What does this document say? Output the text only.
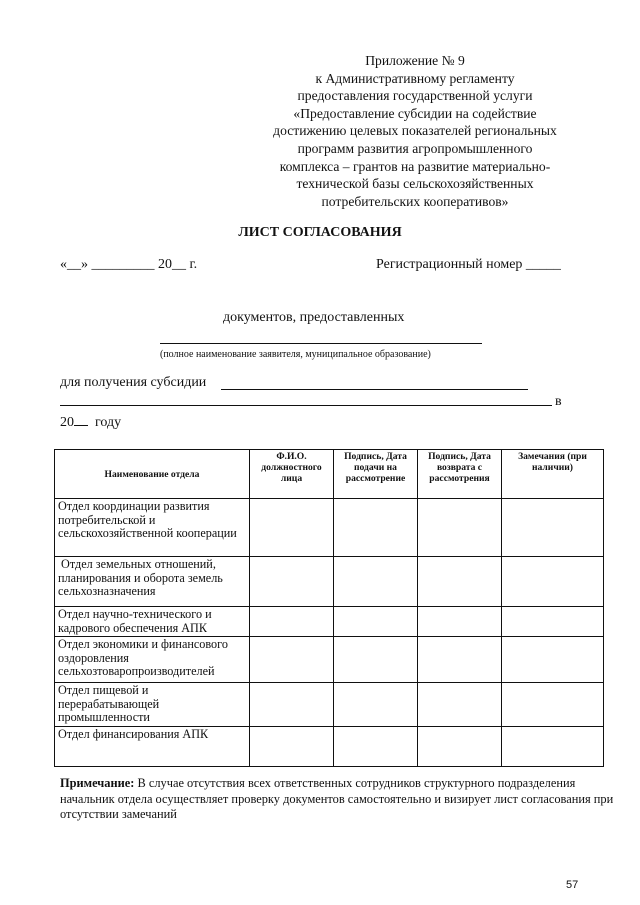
Приложение № 9
к Административному регламенту
предоставления государственной услуги
«Предоставление субсидии на содействие
достижению целевых показателей региональных
программ развития агропромышленного
комплекса – грантов на развитие материально-
технической базы сельскохозяйственных
потребительских кооперативов»
ЛИСТ СОГЛАСОВАНИЯ
«__» _________ 20__ г.	Регистрационный номер _____
документов, предоставленных
(полное наименование заявителя, муниципальное образование)
для получения субсидии
в
20 году
Наименование отдела	Ф.И.О. должностного лица	Подпись, Дата подачи на рассмотрение	Подпись, Дата возврата с рассмотрения	Замечания (при наличии)
Отдел координации развития потребительской и сельскохозяйственной кооперации				
Отдел земельных отношений, планирования и оборота земель сельхозназначения				
Отдел научно-технического и кадрового обеспечения АПК				
Отдел экономики и финансового оздоровления сельхозтоваропроизводителей				
Отдел пищевой и перерабатывающей промышленности				
Отдел финансирования АПК				
Примечание: В случае отсутствия всех ответственных сотрудников структурного подразделения начальник отдела осуществляет проверку документов самостоятельно и визирует лист согласования при отсутствии замечаний
57
